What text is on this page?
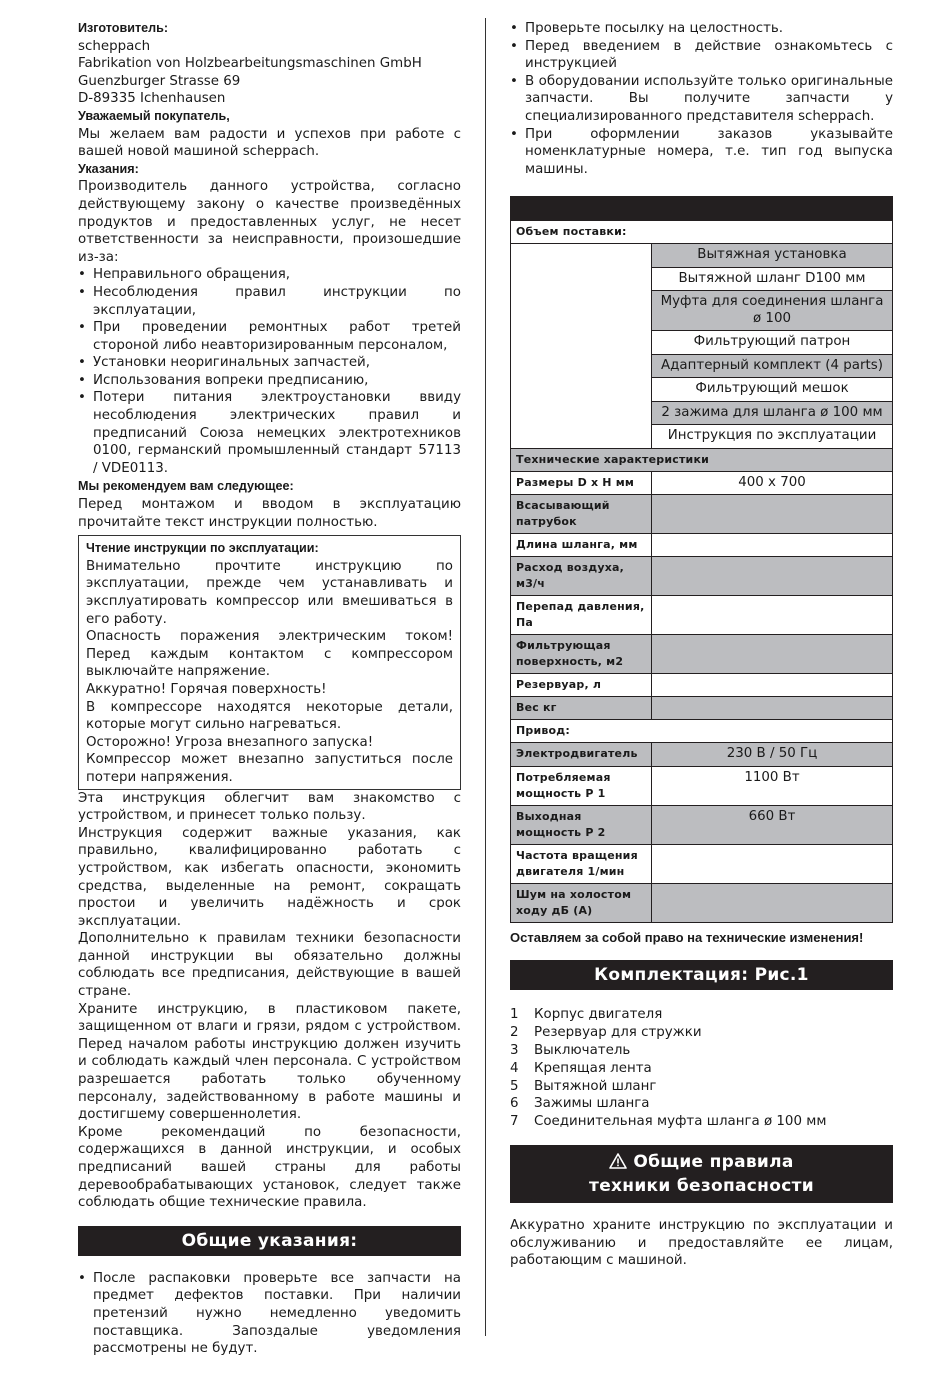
Изготовитель:
scheppach
Fabrikation von Holzbearbeitungsmaschinen GmbH
Guenzburger Strasse 69
D-89335 Ichenhausen
Уважаемый покупатель,

Мы желаем вам радости и успехов при работе с вашей новой машиной scheppach.

Указания:

Производитель данного устройства, согласно действующему закону о качестве произведённых продуктов и предоставленных услуг, не несет ответственности за неисправности, произошедшие из-за:

• Неправильного обращения,
• Несоблюдения правил инструкции по эксплуатации,
• При проведении ремонтных работ третей стороной либо неавторизированным персоналом,
• Установки неоригинальных запчастей,
• Использования вопреки предписанию,
• Потери питания электроустановки ввиду несоблюдения электрических правил и предписаний Союза немецких электротехников 0100, германский промышленный стандарт 57113 / VDE0113.
Мы рекомендуем вам следующее:

Перед монтажом и вводом в эксплуатацию прочитайте текст инструкции полностью.

Чтение инструкции по эксплуатации:

Внимательно прочтите инструкцию по эксплуатации, прежде чем устанавливать и эксплуатировать компрессор или вмешиваться в его работу.

Опасность поражения электрическим током! Перед каждым контактом с компрессором выключайте напряжение.

Аккуратно! Горячая поверхность!

В компрессоре находятся некоторые детали, которые могут сильно нагреваться.

Осторожно! Угроза внезапного запуска!

Компрессор может внезапно запуститься после потери напряжения.

Эта инструкция облегчит вам знакомство с устройством, и принесет только пользу.

Инструкция содержит важные указания, как правильно, квалифицированно работать с устройством, как избегать опасности, экономить средства, выделенные на ремонт, сокращать простои и увеличить надёжность и срок эксплуатации.

Дополнительно к правилам техники безопасности данной инструкции вы обязательно должны соблюдать все предписания, действующие в вашей стране.

Храните инструкцию, в пластиковом пакете, защищенном от влаги и грязи, рядом с устройством. Перед началом работы инструкцию должен изучить и соблюдать каждый член персонала. С устройством разрешается работать только обученному персоналу, задействованному в работе машины и достигшему совершеннолетия.

Кроме рекомендаций по безопасности, содержащихся в данной инструкции, и особых предписаний вашей страны для работы деревообрабатывающих установок, следует также соблюдать общие технические правила.

Общие указания:
• После распаковки проверьте все запчасти на предмет дефектов поставки. При наличии претензий нужно немедленно уведомить поставщика. Запоздалые уведомления рассмотрены не будут.
• Проверьте посылку на целостность.
• Перед введением в действие ознакомьтесь с инструкцией
• В оборудовании используйте только оригинальные запчасти. Вы получите запчасти у специализированного представителя scheppach.
• При оформлении заказов указывайте номенклатурные номера, т.е. тип год выпуска машины.
Объем поставки:	
	Вытяжная установка
	Вытяжной шланг D100 мм
	Муфта для соединения шланга ø 100
	Фильтрующий патрон
	Адаптерный комплект (4 parts)
	Фильтрующий мешок
	2 зажима для шланга ø 100 мм
	Инструкция по эксплуатации
Технические характеристики	
Размеры D x H мм	400 x 700
Всасывающий патрубок	
Длина шланга, мм	
Расход воздуха, м3/ч	
Перепад давления, Па	
Фильтрующая поверхность, м2	
Резервуар, л	
Вес кг	
Привод:	
Электродвигатель	230 В / 50 Гц
Потребляемая мощность P 1	1100 Вт
Выходная мощность P 2	660 Вт
Частота вращения двигателя 1/мин	
Шум на холостом ходу дБ (A)	
Оставляем за собой право на технические изменения!
Комплектация: Рис.1
1	Корпус двигателя
2	Резервуар для стружки
3	Выключатель
4	Крепящая лента
5	Вытяжной шланг
6	Зажимы шланга
7	Соединительная муфта шланга ø 100 мм
Общие правила
техники безопасности

Аккуратно храните инструкцию по эксплуатации и обслуживанию и предоставляйте ее лицам, работающим с машиной.
